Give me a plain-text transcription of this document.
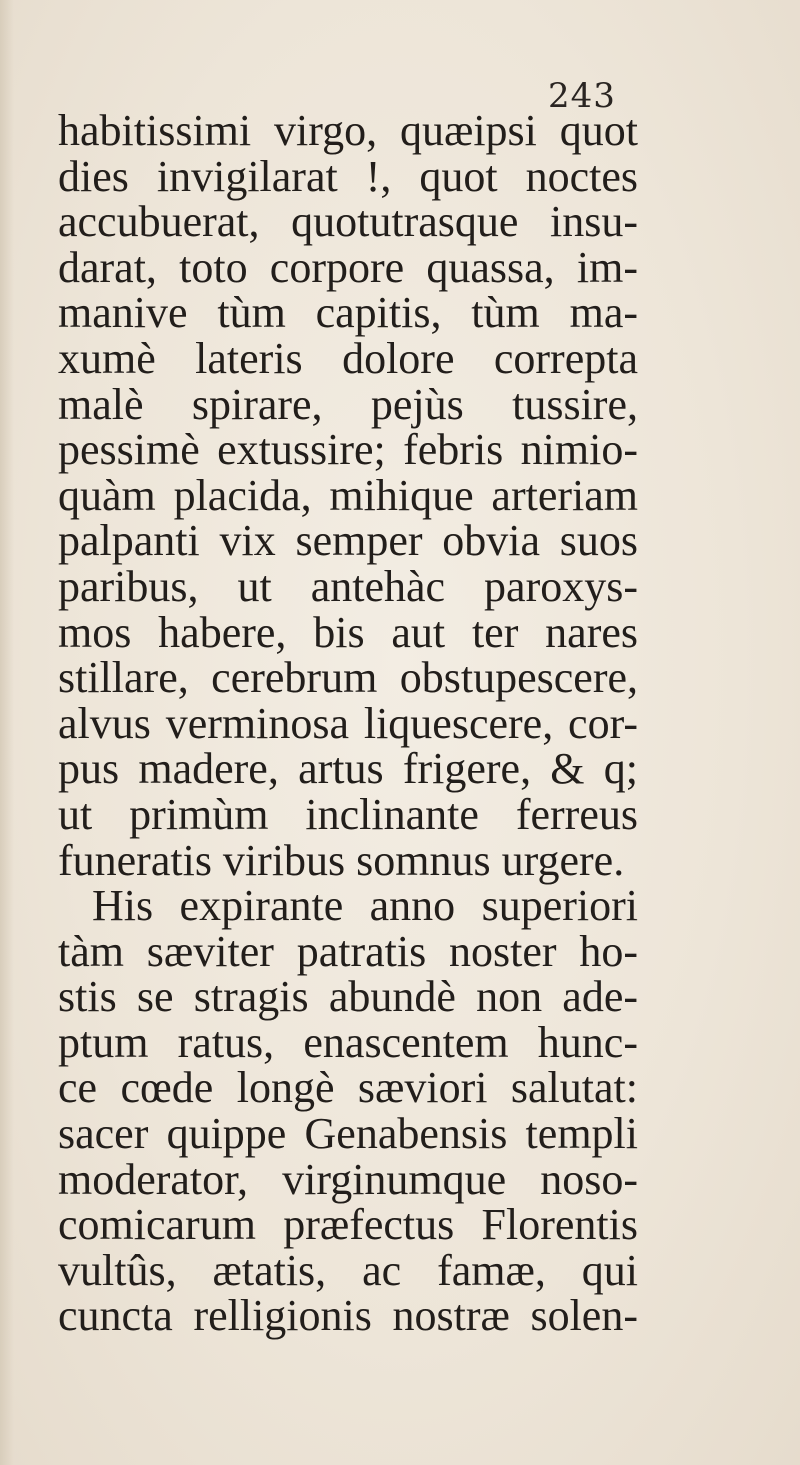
243
habitissimi virgo, quæipsi quot
dies invigilarat !, quot noctes
accubuerat, quotutrasque insu-
darat, toto corpore quassa, im-
manive tùm capitis, tùm ma-
xumè lateris dolore correpta
malè spirare, pejùs tussire,
pessimè extussire; febris nimio-
quàm placida, mihique arteriam
palpanti vix semper obvia suos
paribus, ut antehàc paroxys-
mos habere, bis aut ter nares
stillare, cerebrum obstupescere,
alvus verminosa liquescere, cor-
pus madere, artus frigere, & q;
ut primùm inclinante ferreus
funeratis viribus somnus urgere.
His expirante anno superiori
tàm sæviter patratis noster ho-
stis se stragis abundè non ade-
ptum ratus, enascentem hunc-
ce cœde longè sæviori salutat:
sacer quippe Genabensis templi
moderator, virginumque noso-
comicarum præfectus Florentis
vultûs, ætatis, ac famæ, qui
cuncta relligionis nostræ solen-
